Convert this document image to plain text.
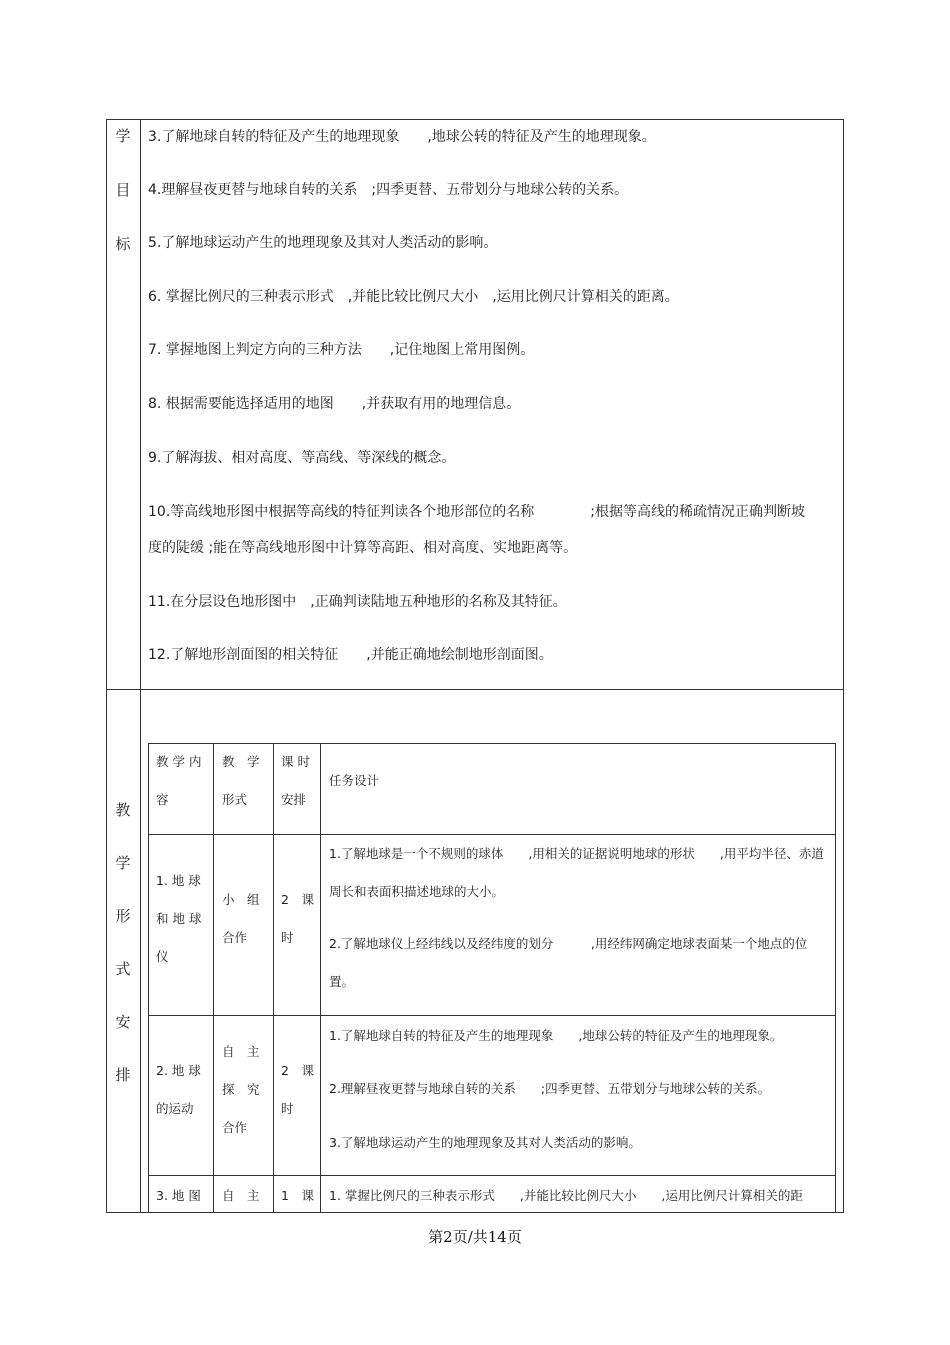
学
目
标
3.了解地球自转的特征及产生的地理现象　　,地球公转的特征及产生的地理现象。
4.理解昼夜更替与地球自转的关系　;四季更替、五带划分与地球公转的关系。
5.了解地球运动产生的地理现象及其对人类活动的影响。
6. 掌握比例尺的三种表示形式　,并能比较比例尺大小　,运用比例尺计算相关的距离。
7. 掌握地图上判定方向的三种方法　　,记住地图上常用图例。
8. 根据需要能选择适用的地图　　,并获取有用的地理信息。
9.了解海拔、相对高度、等高线、等深线的概念。
10.等高线地形图中根据等高线的特征判读各个地形部位的名称　　　　;根据等高线的稀疏情况正确判断坡度的陡缓 ;能在等高线地形图中计算等高距、相对高度、实地距离等。
11.在分层设色地形图中　,正确判读陆地五种地形的名称及其特征。
12.了解地形剖面图的相关特征　　,并能正确地绘制地形剖面图。
教
学
形
式
安
排
教 学 内
容
教　学
形式
课 时
安排
任务设计
1. 地 球
和 地 球
仪
小　组
合作
2　课
时
1.了解地球是一个不规则的球体　　,用相关的证据说明地球的形状　　,用平均半径、赤道周长和表面积描述地球的大小。
2.了解地球仪上经纬线以及经纬度的划分　　　,用经纬网确定地球表面某一个地点的位置。
2. 地 球
的运动
自　主
探　究
合作
2　课
时
1.了解地球自转的特征及产生的地理现象　　,地球公转的特征及产生的地理现象。
2.理解昼夜更替与地球自转的关系　　;四季更替、五带划分与地球公转的关系。
3.了解地球运动产生的地理现象及其对人类活动的影响。
3. 地 图 自　主 1　课 1. 掌握比例尺的三种表示形式　　,并能比较比例尺大小　　,运用比例尺计算相关的距
第2页/共14页
